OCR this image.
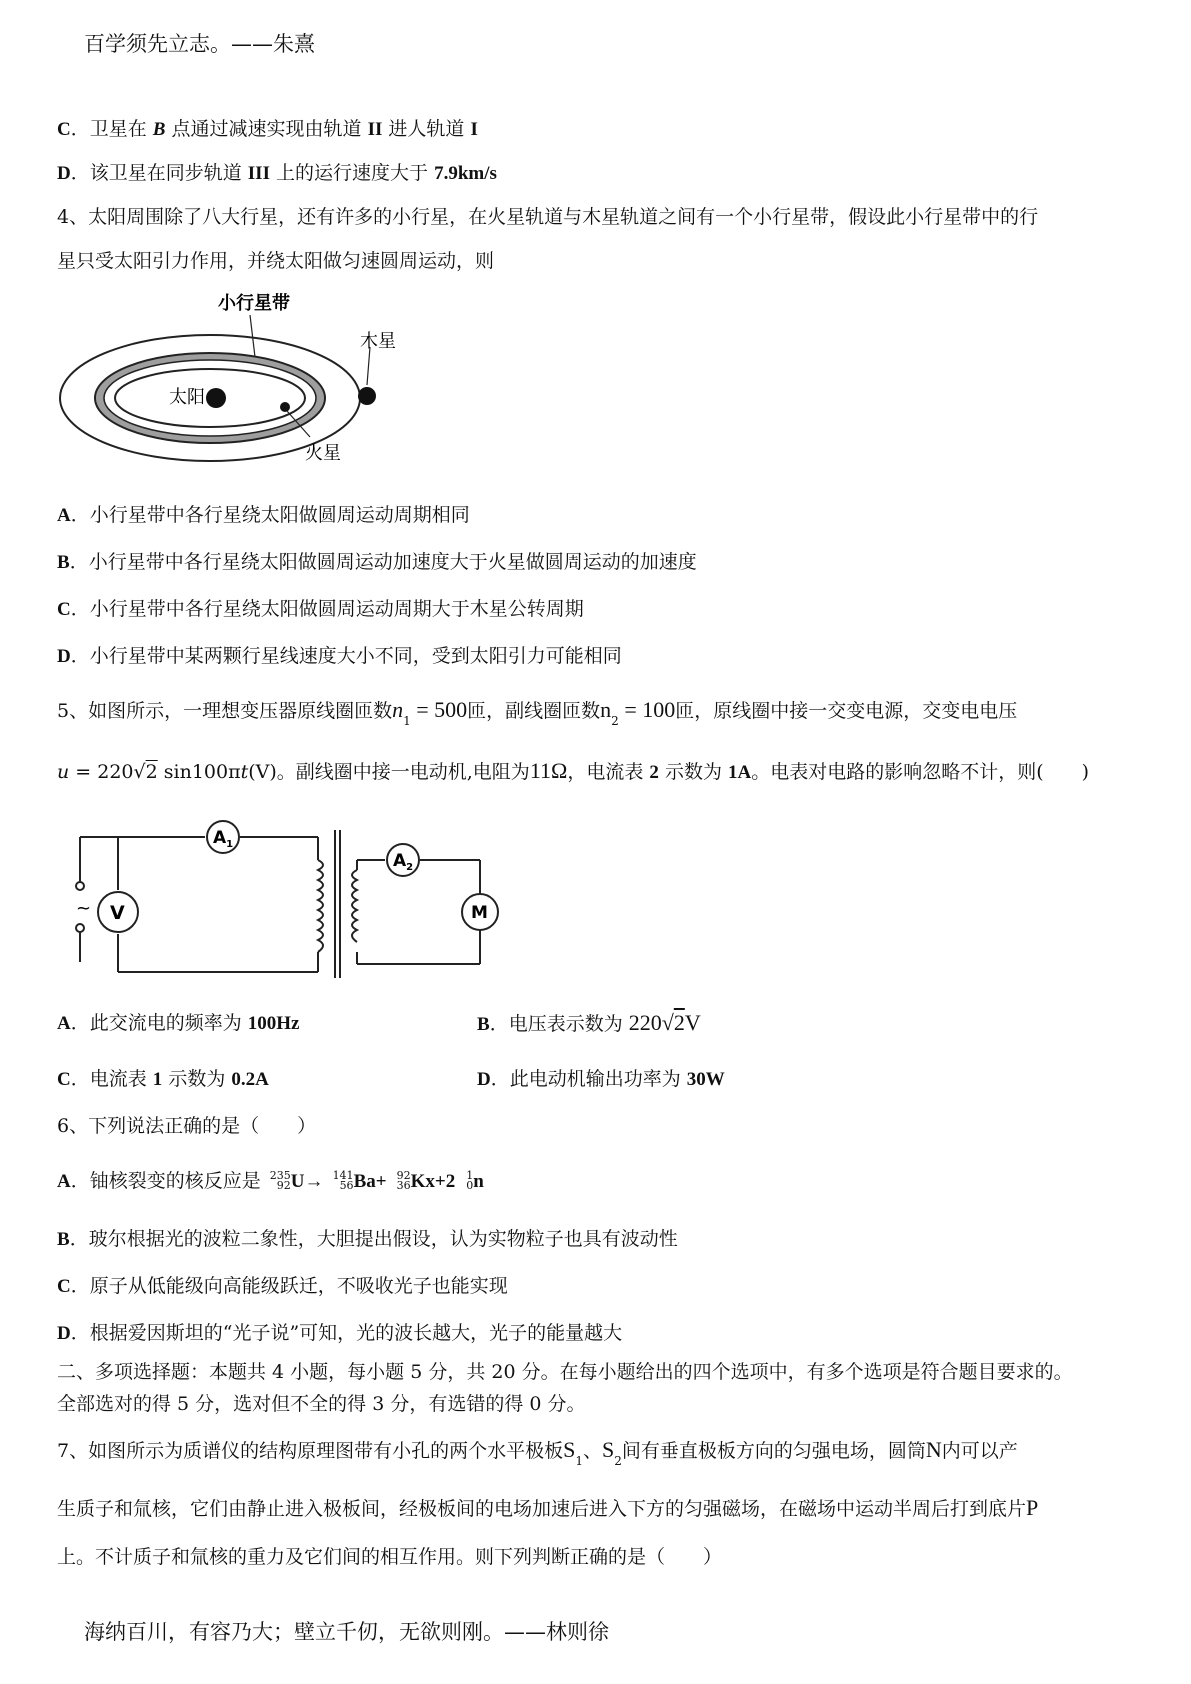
百学须先立志。——朱熹
C．卫星在 B 点通过减速实现由轨道 II 进人轨道 I
D．该卫星在同步轨道 III 上的运行速度大于 7.9km/s
4、太阳周围除了八大行星，还有许多的小行星，在火星轨道与木星轨道之间有一个小行星带，假设此小行星带中的行
星只受太阳引力作用，并绕太阳做匀速圆周运动，则
小行星带
木星
太阳
火星
A．小行星带中各行星绕太阳做圆周运动周期相同
B．小行星带中各行星绕太阳做圆周运动加速度大于火星做圆周运动的加速度
C．小行星带中各行星绕太阳做圆周运动周期大于木星公转周期
D．小行星带中某两颗行星线速度大小不同，受到太阳引力可能相同
5、如图所示，一理想变压器原线圈匝数$n_1 = 500$匝，副线圈匝数$n_2 = 100$匝，原线圈中接一交变电源，交变电电压
u = 220√2 sin100πt(V)。副线圈中接一电动机,电阻为11Ω，电流表 2 示数为 1A。电表对电路的影响忽略不计，则(　　)
~
$A_1$
$A_2$
V	M
A．此交流电的频率为 100Hz	B．电压表示数为 220√2V
C．电流表 1 示数为 0.2A	D．此电动机输出功率为 30W
6、下列说法正确的是（　　）
A．铀核裂变的核反应是 235
92 U→ 141
56 Ba+ 92
36 Kx+2 1
0 n
B．玻尔根据光的波粒二象性，大胆提出假设，认为实物粒子也具有波动性
C．原子从低能级向高能级跃迁，不吸收光子也能实现
D．根据爱因斯坦的“光子说”可知，光的波长越大，光子的能量越大
二、多项选择题：本题共 4 小题，每小题 5 分，共 20 分。在每小题给出的四个选项中，有多个选项是符合题目要求的。
全部选对的得 5 分，选对但不全的得 3 分，有选错的得 0 分。
7、如图所示为质谱仪的结构原理图带有小孔的两个水平极板$S_1$、$S_2$间有垂直极板方向的匀强电场，圆筒N内可以产
生质子和氚核，它们由静止进入极板间，经极板间的电场加速后进入下方的匀强磁场，在磁场中运动半周后打到底片P
上。不计质子和氚核的重力及它们间的相互作用。则下列判断正确的是（　　）
海纳百川，有容乃大；壁立千仞，无欲则刚。——林则徐
